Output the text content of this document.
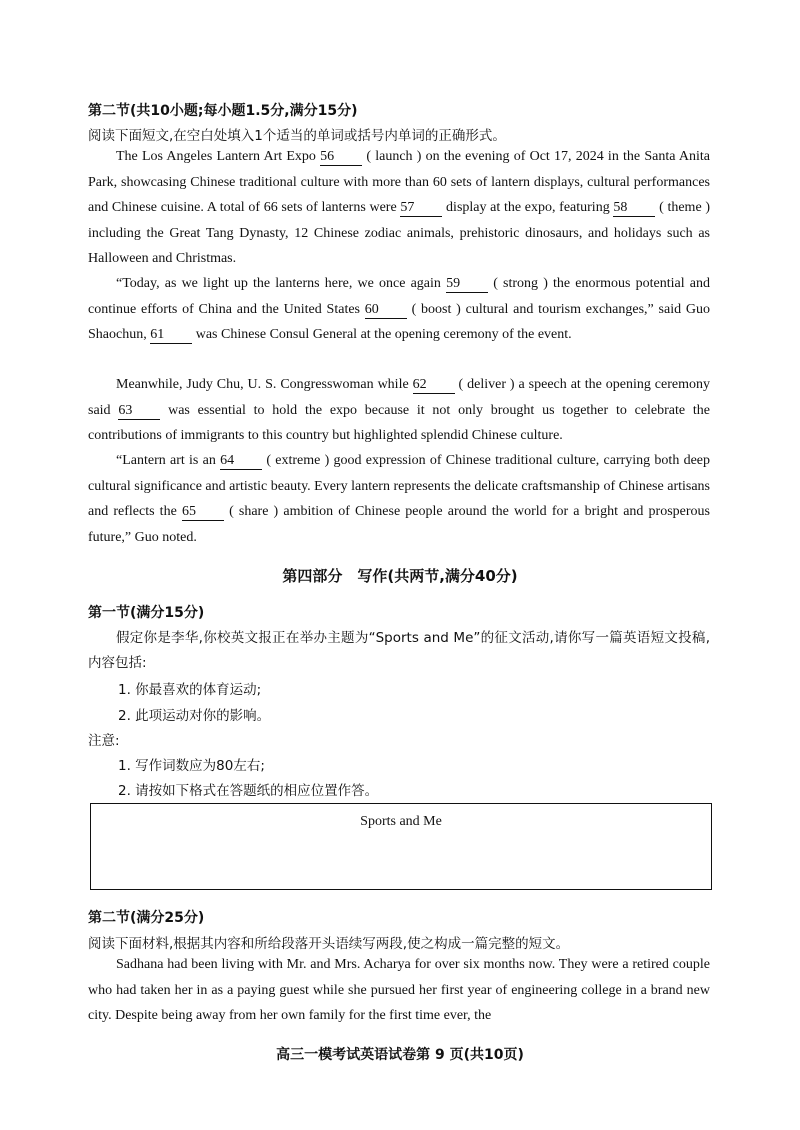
第二节(共10小题;每小题1.5分,满分15分)
阅读下面短文,在空白处填入1个适当的单词或括号内单词的正确形式。
The Los Angeles Lantern Art Expo 56 ( launch ) on the evening of Oct 17, 2024 in the Santa Anita Park, showcasing Chinese traditional culture with more than 60 sets of lantern displays, cultural performances and Chinese cuisine. A total of 66 sets of lanterns were 57 display at the expo, featuring 58 ( theme ) including the Great Tang Dynasty, 12 Chinese zodiac animals, prehistoric dinosaurs, and holidays such as Halloween and Christmas.
“Today, as we light up the lanterns here, we once again 59 ( strong ) the enormous potential and continue efforts of China and the United States 60 ( boost ) cultural and tourism exchanges,” said Guo Shaochun, 61 was Chinese Consul General at the opening ceremony of the event.
Meanwhile, Judy Chu, U. S. Congresswoman while 62 ( deliver ) a speech at the opening ceremony said 63 was essential to hold the expo because it not only brought us together to celebrate the contributions of immigrants to this country but highlighted splendid Chinese culture.
“Lantern art is an 64 ( extreme ) good expression of Chinese traditional culture, carrying both deep cultural significance and artistic beauty. Every lantern represents the delicate craftsmanship of Chinese artisans and reflects the 65 ( share ) ambition of Chinese people around the world for a bright and prosperous future,” Guo noted.
第四部分　写作(共两节,满分40分)
第一节(满分15分)
假定你是李华,你校英文报正在举办主题为“Sports and Me”的征文活动,请你写一篇英语短文投稿,内容包括:
1. 你最喜欢的体育运动;
2. 此项运动对你的影响。
注意:
1. 写作词数应为80左右;
2. 请按如下格式在答题纸的相应位置作答。
Sports and Me
第二节(满分25分)
阅读下面材料,根据其内容和所给段落开头语续写两段,使之构成一篇完整的短文。
Sadhana had been living with Mr. and Mrs. Acharya for over six months now. They were a retired couple who had taken her in as a paying guest while she pursued her first year of engineering college in a brand new city. Despite being away from her own family for the first time ever, the
高三一模考试英语试卷第 9 页(共10页)
